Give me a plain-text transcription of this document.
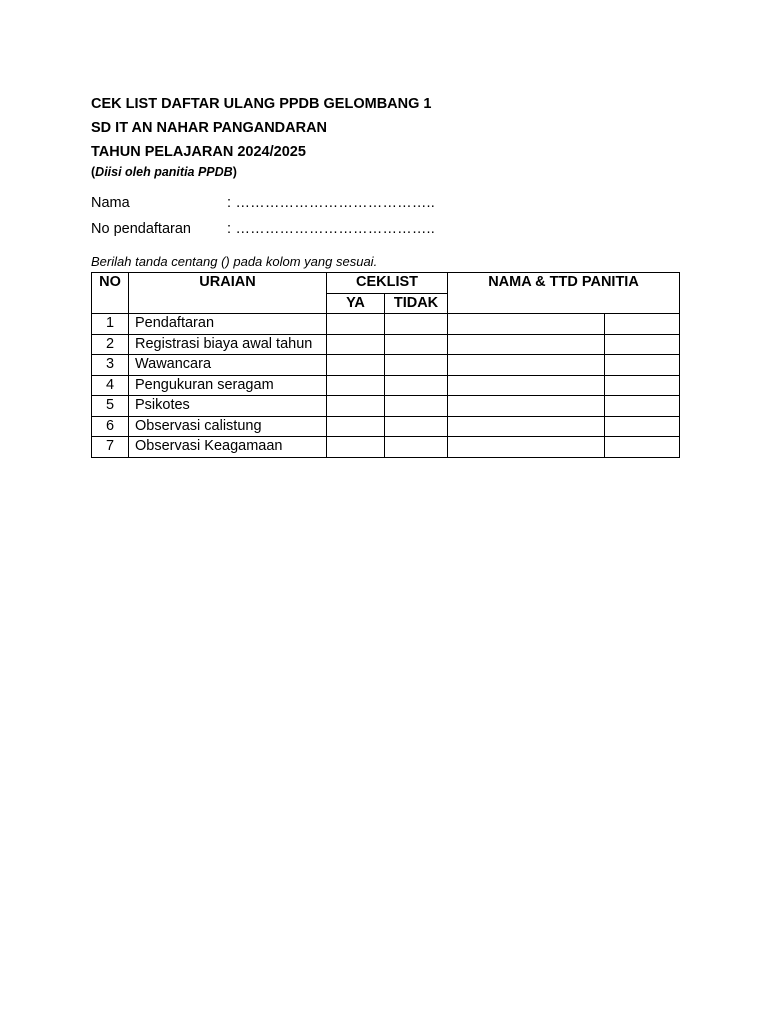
CEK LIST DAFTAR ULANG PPDB GELOMBANG 1

SD IT AN NAHAR PANGANDARAN

TAHUN PELAJARAN 2024/2025

(Diisi oleh panitia PPDB)

Nama	: …………………………………..
No pendaftaran	: …………………………………..
Berilah tanda centang () pada kolom yang sesuai.
NO	URAIAN	CEKLIST		NAMA & TTD PANITIA	
		YA	TIDAK		
1	Pendaftaran				
2	Registrasi biaya awal tahun				
3	Wawancara				
4	Pengukuran seragam				
5	Psikotes				
6	Observasi calistung				
7	Observasi Keagamaan				
